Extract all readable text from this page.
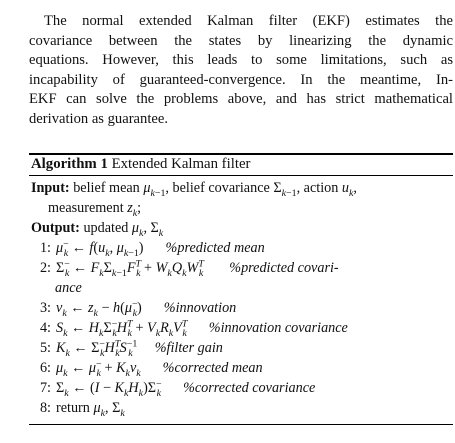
The normal extended Kalman filter (EKF) estimates the
covariance between the states by linearizing the dynamic
equations. However, this leads to some limitations, such as
incapability of guaranteed-convergence. In the meantime, In-
EKF can solve the problems above, and has strict mathematical
derivation as guarantee.
Algorithm 1 Extended Kalman filter
Input: belief mean $\mu_{k-1}$, belief covariance $\Sigma_{k-1}$, action $u_k$,
measurement $z_k$;
Output: updated $\mu_k$, $\Sigma_k$
1: $\mu^-_k$ ← $f(u_k$, $\mu_{k-1}$) %predicted mean
2: $\Sigma^-_k$ ← $F_k\Sigma_{k-1}F^T_k + W_kQ_kW^T_k$ %predicted covari-
ance
3: $\nu_k$ ← $z_k - h(\mu^-_k)$ %innovation
4: $S_k$ ← $H_k\Sigma^-_kH^T_k + V_kR_kV^T_k$ %innovation covariance
5: $K_k$ ← $\Sigma^-_kH^T_kS^{-1}_k$ %filter gain
6: $\mu_k$ ← $\mu^-_k + K_k\nu_k$ %corrected mean
7: $\Sigma_k$ ← $(I - K_kH_k)\Sigma^-_k$ %corrected covariance
8: return $\mu_k$, $\Sigma_k$
